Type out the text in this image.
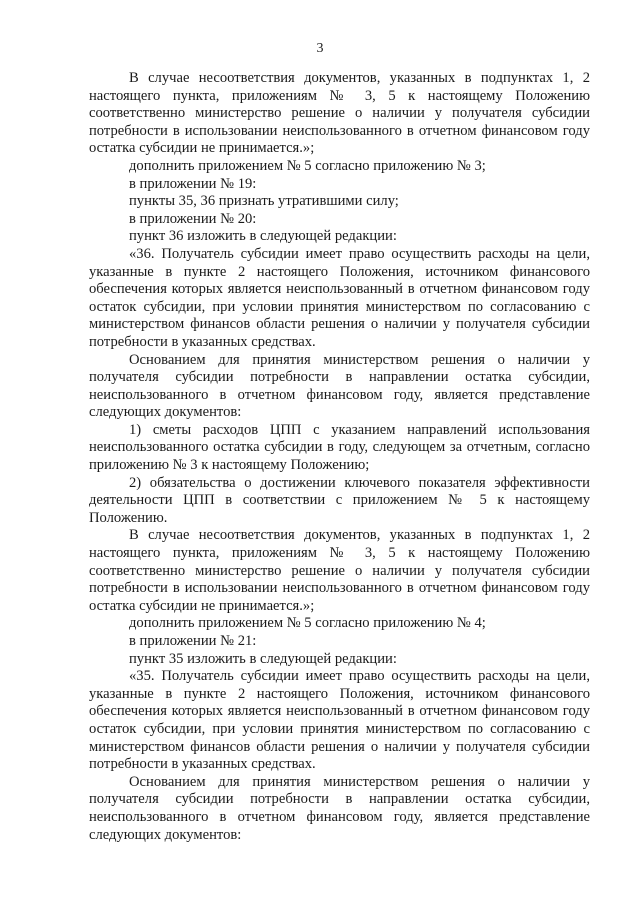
3

В случае несоответствия документов, указанных в подпунктах 1, 2 настоящего пункта, приложениям № 3, 5 к настоящему Положению соответственно министерство решение о наличии у получателя субсидии потребности в использовании неиспользованного в отчетном финансовом году остатка субсидии не принимается.»;

дополнить приложением № 5 согласно приложению № 3;

в приложении № 19:

пункты 35, 36 признать утратившими силу;

в приложении № 20:

пункт 36 изложить в следующей редакции:

«36. Получатель субсидии имеет право осуществить расходы на цели, указанные в пункте 2 настоящего Положения, источником финансового обеспечения которых является неиспользованный в отчетном финансовом году остаток субсидии, при условии принятия министерством по согласованию с министерством финансов области решения о наличии у получателя субсидии потребности в указанных средствах.

Основанием для принятия министерством решения о наличии у получателя субсидии потребности в направлении остатка субсидии, неиспользованного в отчетном финансовом году, является представление следующих документов:

1) сметы расходов ЦПП с указанием направлений использования неиспользованного остатка субсидии в году, следующем за отчетным, согласно приложению № 3 к настоящему Положению;

2) обязательства о достижении ключевого показателя эффективности деятельности ЦПП в соответствии с приложением № 5 к настоящему Положению.

В случае несоответствия документов, указанных в подпунктах 1, 2 настоящего пункта, приложениям № 3, 5 к настоящему Положению соответственно министерство решение о наличии у получателя субсидии потребности в использовании неиспользованного в отчетном финансовом году остатка субсидии не принимается.»;

дополнить приложением № 5 согласно приложению № 4;

в приложении № 21:

пункт 35 изложить в следующей редакции:

«35. Получатель субсидии имеет право осуществить расходы на цели, указанные в пункте 2 настоящего Положения, источником финансового обеспечения которых является неиспользованный в отчетном финансовом году остаток субсидии, при условии принятия министерством по согласованию с министерством финансов области решения о наличии у получателя субсидии потребности в указанных средствах.

Основанием для принятия министерством решения о наличии у получателя субсидии потребности в направлении остатка субсидии, неиспользованного в отчетном финансовом году, является представление следующих документов:
